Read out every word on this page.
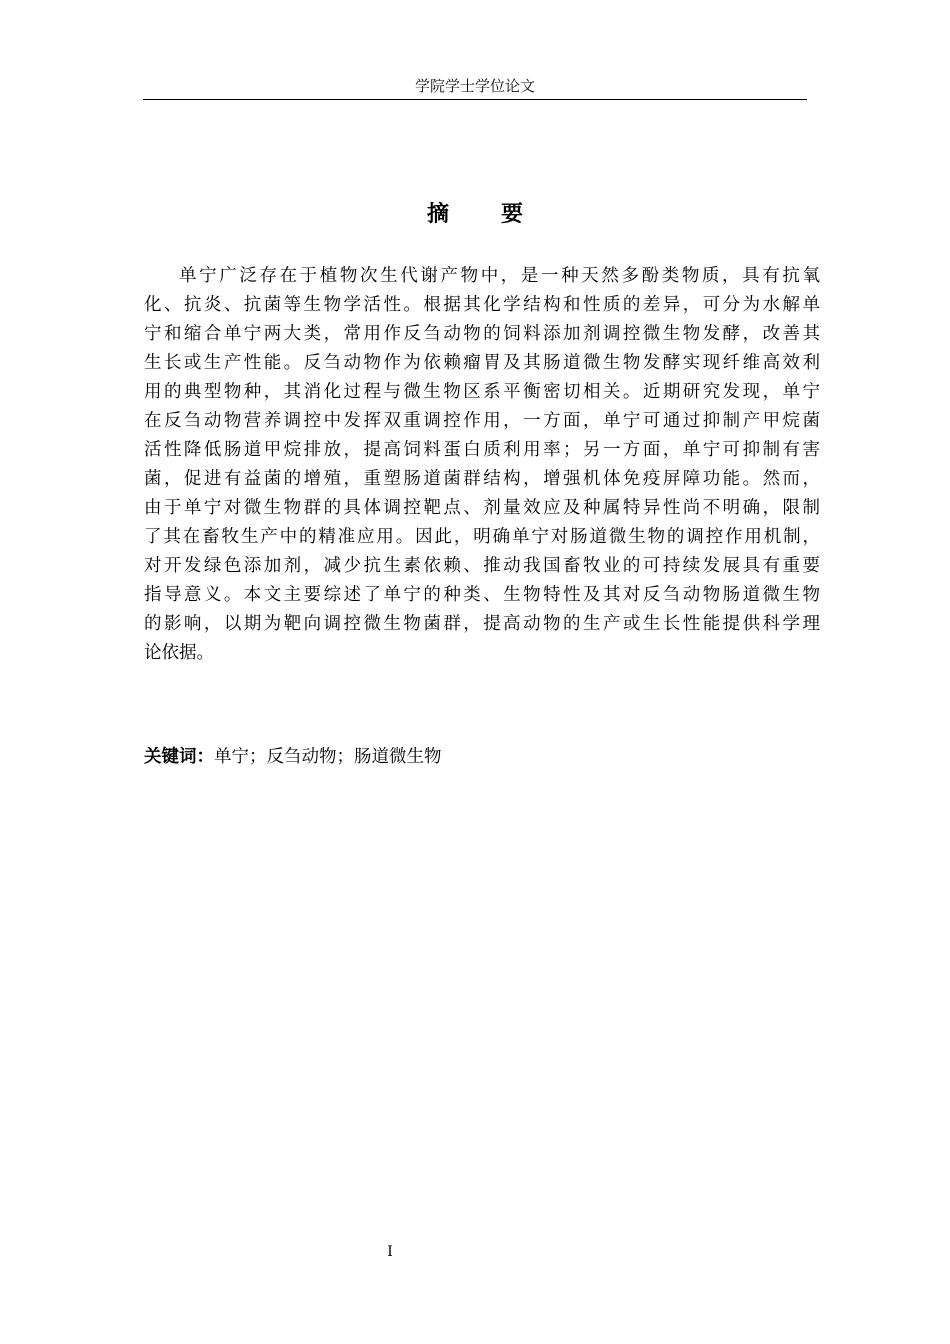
学院学士学位论文
摘 要
单宁广泛存在于植物次生代谢产物中，是一种天然多酚类物质，具有抗氧
化、抗炎、抗菌等生物学活性。根据其化学结构和性质的差异，可分为水解单
宁和缩合单宁两大类，常用作反刍动物的饲料添加剂调控微生物发酵，改善其
生长或生产性能。反刍动物作为依赖瘤胃及其肠道微生物发酵实现纤维高效利
用的典型物种，其消化过程与微生物区系平衡密切相关。近期研究发现，单宁
在反刍动物营养调控中发挥双重调控作用，一方面，单宁可通过抑制产甲烷菌
活性降低肠道甲烷排放，提高饲料蛋白质利用率；另一方面，单宁可抑制有害
菌，促进有益菌的增殖，重塑肠道菌群结构，增强机体免疫屏障功能。然而，
由于单宁对微生物群的具体调控靶点、剂量效应及种属特异性尚不明确，限制
了其在畜牧生产中的精准应用。因此，明确单宁对肠道微生物的调控作用机制，
对开发绿色添加剂，减少抗生素依赖、推动我国畜牧业的可持续发展具有重要
指导意义。本文主要综述了单宁的种类、生物特性及其对反刍动物肠道微生物
的影响，以期为靶向调控微生物菌群，提高动物的生产或生长性能提供科学理
论依据。
关键词：单宁；反刍动物；肠道微生物
I
